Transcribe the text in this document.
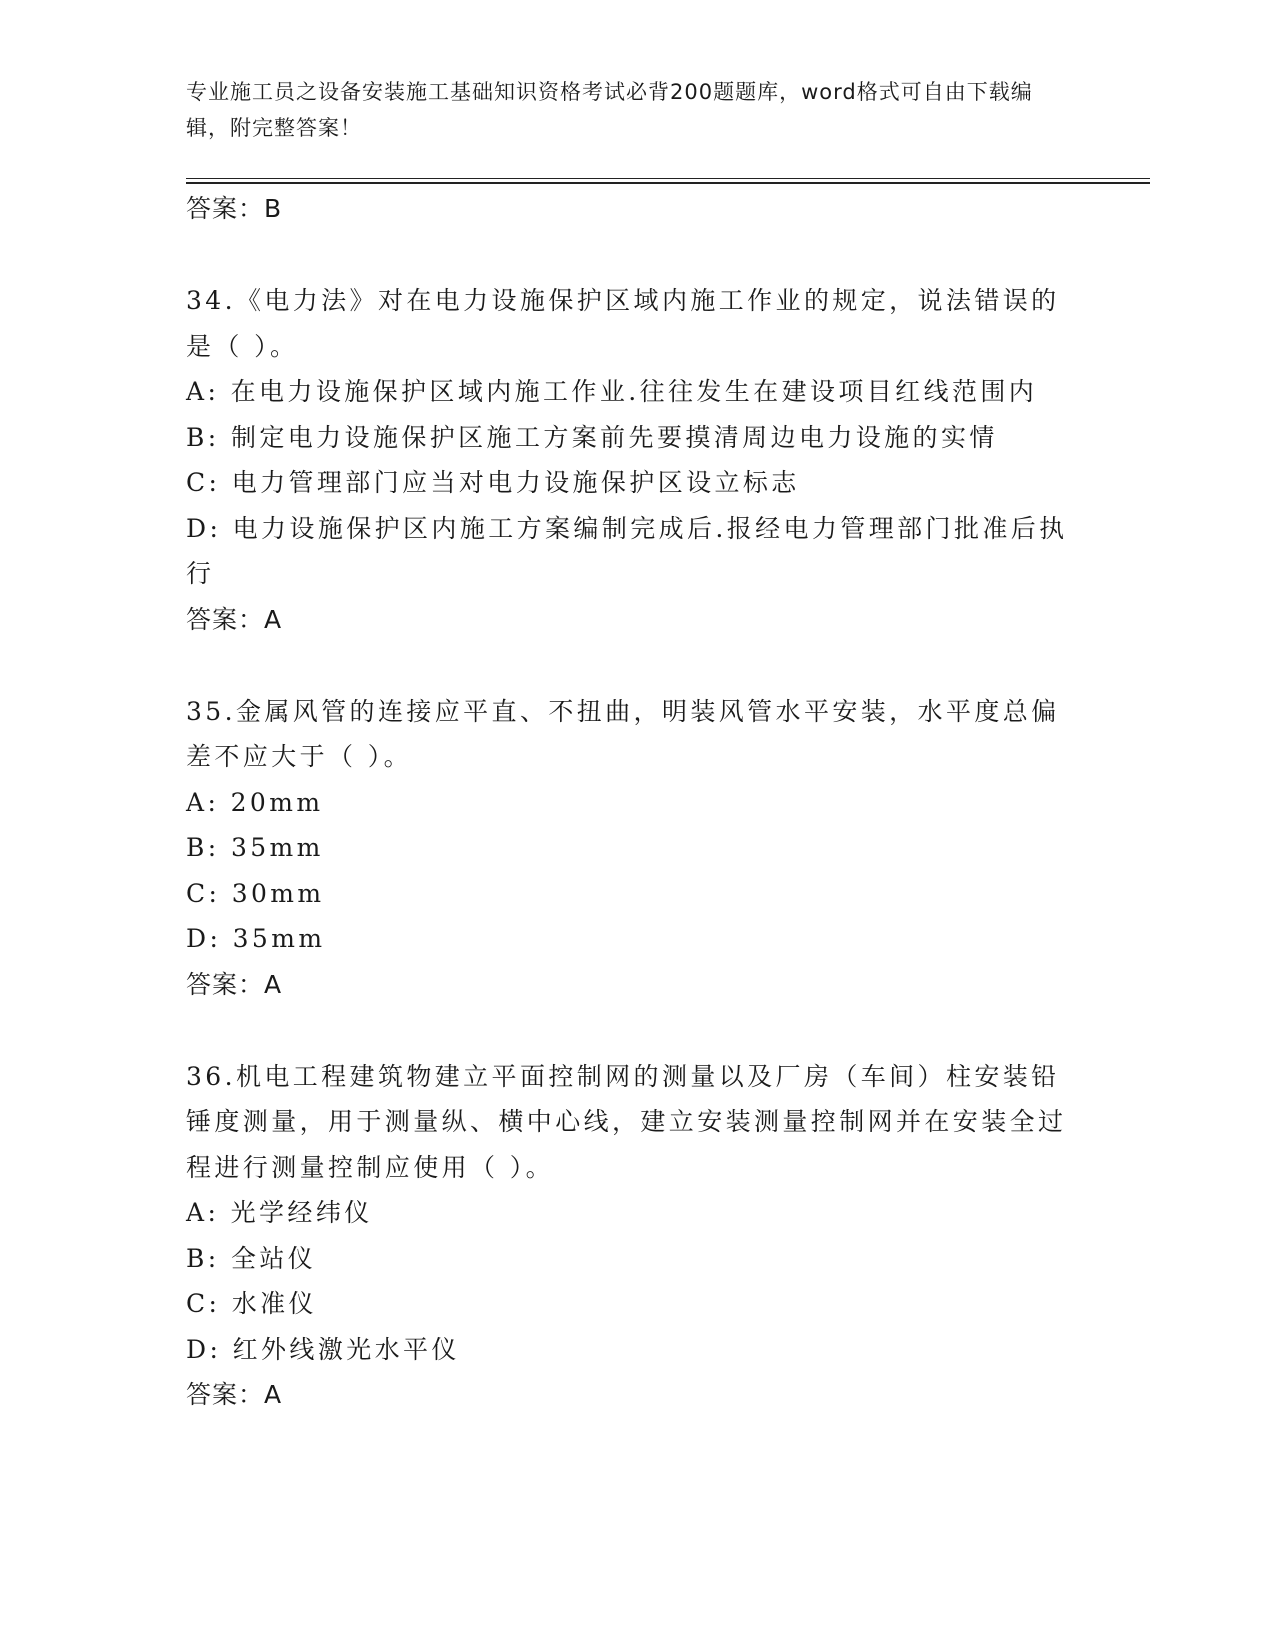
专业施工员之设备安装施工基础知识资格考试必背200题题库，word格式可自由下载编辑，附完整答案！

答案：B

34.《电力法》对在电力设施保护区域内施工作业的规定，说法错误的是（ ）。

A: 在电力设施保护区域内施工作业.往往发生在建设项目红线范围内

B: 制定电力设施保护区施工方案前先要摸清周边电力设施的实情

C: 电力管理部门应当对电力设施保护区设立标志

D: 电力设施保护区内施工方案编制完成后.报经电力管理部门批准后执行

答案：A

35.金属风管的连接应平直、不扭曲，明装风管水平安装，水平度总偏差不应大于（ ）。

A: 20mm

B: 35mm

C: 30mm

D: 35mm

答案：A

36.机电工程建筑物建立平面控制网的测量以及厂房（车间）柱安装铅锤度测量，用于测量纵、横中心线，建立安装测量控制网并在安装全过程进行测量控制应使用（ ）。

A: 光学经纬仪

B: 全站仪

C: 水准仪

D: 红外线激光水平仪

答案：A
